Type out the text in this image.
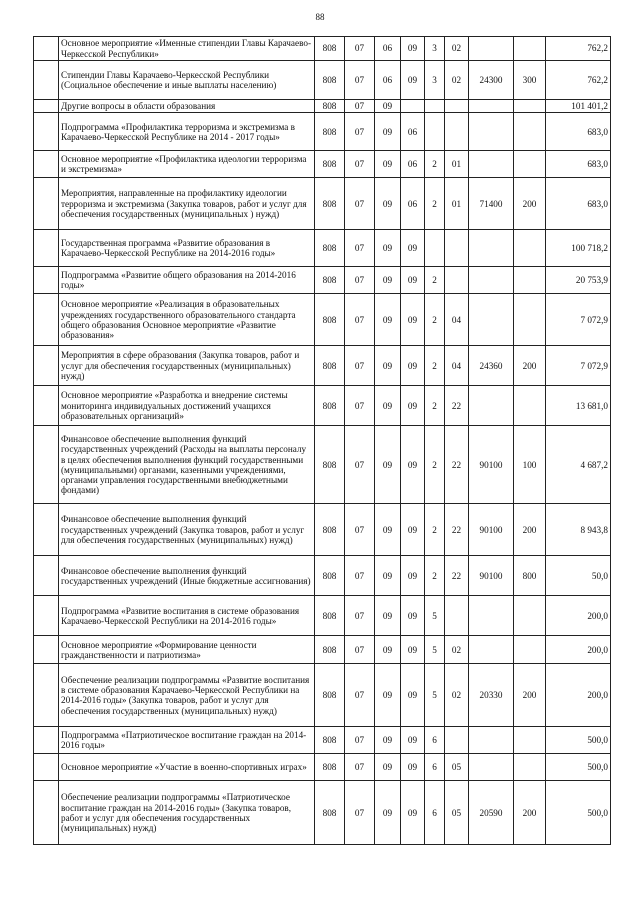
88
	Основное мероприятие «Именные стипендии Главы Карачаево-Черкесской Республики»	808	07	06	09	3	02			762,2
	Стипендии Главы Карачаево-Черкесской Республики (Социальное обеспечение и иные выплаты населению)	808	07	06	09	3	02	24300	300	762,2
	Другие вопросы в области образования	808	07	09						101 401,2
	Подпрограмма «Профилактика терроризма и экстремизма в Карачаево-Черкесской Республике на 2014 - 2017 годы»	808	07	09	06					683,0
	Основное мероприятие «Профилактика идеологии терроризма и экстремизма»	808	07	09	06	2	01			683,0
	Мероприятия, направленные на профилактику идеологии терроризма и экстремизма (Закупка товаров, работ и услуг для обеспечения государственных (муниципальных ) нужд)	808	07	09	06	2	01	71400	200	683,0
	Государственная программа «Развитие образования в Карачаево-Черкесской Республике на 2014-2016 годы»	808	07	09	09					100 718,2
	Подпрограмма «Развитие общего образования на 2014-2016 годы»	808	07	09	09	2				20 753,9
	Основное мероприятие «Реализация в образовательных учреждениях государственного образовательного стандарта общего образования Основное мероприятие «Развитие образования»	808	07	09	09	2	04			7 072,9
	Мероприятия в сфере образования (Закупка товаров, работ и услуг для обеспечения государственных (муниципальных) нужд)	808	07	09	09	2	04	24360	200	7 072,9
	Основное мероприятие «Разработка и внедрение системы мониторинга индивидуальных достижений учащихся образовательных организаций»	808	07	09	09	2	22			13 681,0
	Финансовое обеспечение выполнения функций государственных учреждений (Расходы на выплаты персоналу в целях обеспечения выполнения функций государственными (муниципальными) органами, казенными учреждениями, органами управления государственными внебюджетными фондами)	808	07	09	09	2	22	90100	100	4 687,2
	Финансовое обеспечение выполнения функций государственных учреждений (Закупка товаров, работ и услуг для обеспечения государственных (муниципальных) нужд)	808	07	09	09	2	22	90100	200	8 943,8
	Финансовое обеспечение выполнения функций государственных учреждений (Иные бюджетные ассигнования)	808	07	09	09	2	22	90100	800	50,0
	Подпрограмма «Развитие воспитания в системе образования Карачаево-Черкесской Республики на 2014-2016 годы»	808	07	09	09	5				200,0
	Основное мероприятие «Формирование ценности гражданственности и патриотизма»	808	07	09	09	5	02			200,0
	Обеспечение реализации подпрограммы «Развитие воспитания в системе образования Карачаево-Черкесской Республики на 2014-2016 годы» (Закупка товаров, работ и услуг для обеспечения государственных (муниципальных) нужд)	808	07	09	09	5	02	20330	200	200,0
	Подпрограмма «Патриотическое воспитание граждан на 2014-2016 годы»	808	07	09	09	6				500,0
	Основное мероприятие «Участие в военно-спортивных играх»	808	07	09	09	6	05			500,0
	Обеспечение реализации подпрограммы «Патриотическое воспитание граждан на 2014-2016 годы» (Закупка товаров, работ и услуг для обеспечения государственных (муниципальных) нужд)	808	07	09	09	6	05	20590	200	500,0
